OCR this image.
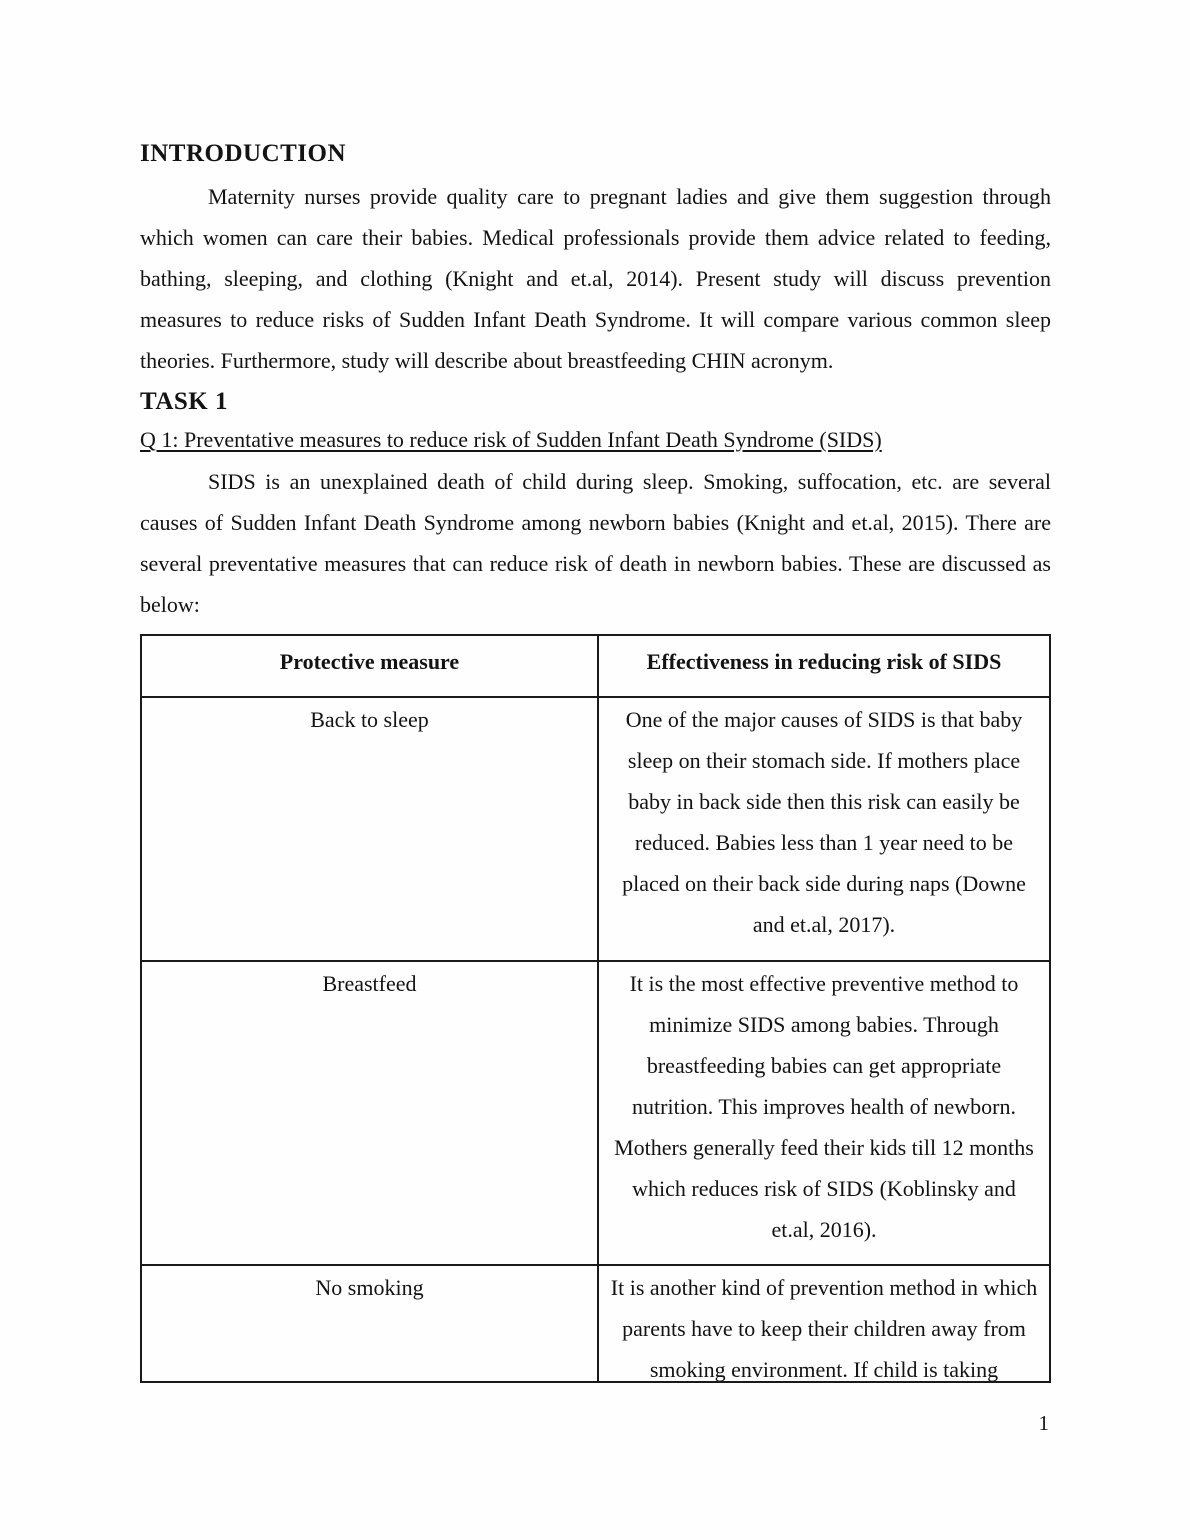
INTRODUCTION

Maternity nurses provide quality care to pregnant ladies and give them suggestion through which women can care their babies. Medical professionals provide them advice related to feeding, bathing, sleeping, and clothing (Knight and et.al, 2014). Present study will discuss prevention measures to reduce risks of Sudden Infant Death Syndrome. It will compare various common sleep theories. Furthermore, study will describe about breastfeeding CHIN acronym.

TASK 1
Q 1: Preventative measures to reduce risk of Sudden Infant Death Syndrome (SIDS)

SIDS is an unexplained death of child during sleep. Smoking, suffocation, etc. are several causes of Sudden Infant Death Syndrome among newborn babies (Knight and et.al, 2015). There are several preventative measures that can reduce risk of death in newborn babies. These are discussed as below:

Protective measure	Effectiveness in reducing risk of SIDS

Back to sleep	One of the major causes of SIDS is that baby sleep on their stomach side. If mothers place baby in back side then this risk can easily be reduced. Babies less than 1 year need to be placed on their back side during naps (Downe and et.al, 2017).

Breastfeed	It is the most effective preventive method to minimize SIDS among babies. Through breastfeeding babies can get appropriate nutrition. This improves health of newborn. Mothers generally feed their kids till 12 months which reduces risk of SIDS (Koblinsky and et.al, 2016).

No smoking	It is another kind of prevention method in which parents have to keep their children away from smoking environment. If child is taking
1
